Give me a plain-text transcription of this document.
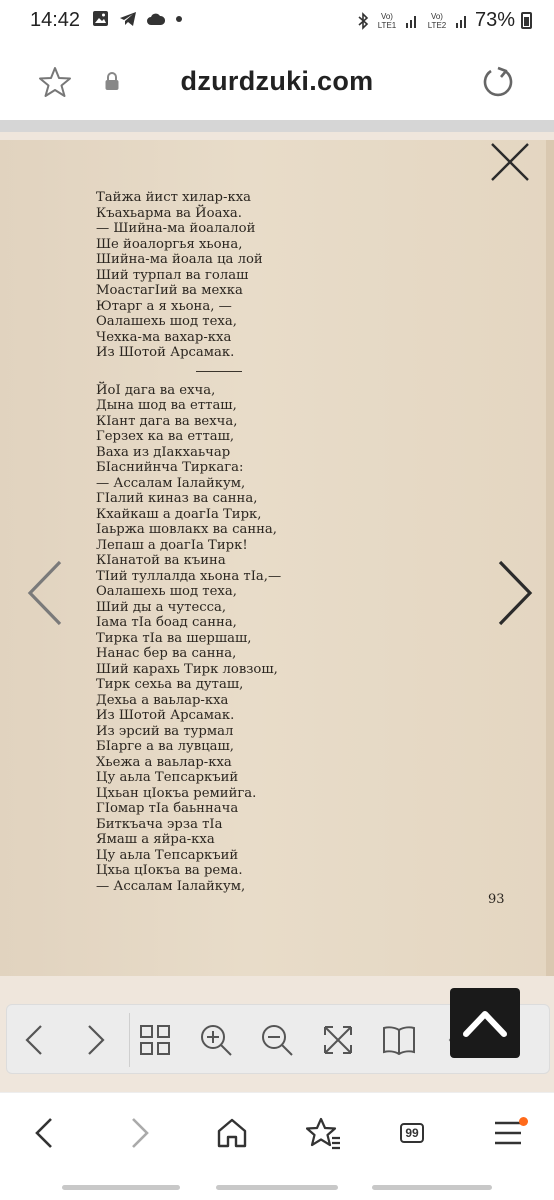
14:42	Vo) LTE1
Vo) LTE2 73%
dzurdzuki.com
Тайжа йист хилар-кха
Къахьарма ва Йоахa.
— Шийна-ма йоалалой
Ше йоалоргья хьона,
Шийна-ма йоала ца лой
Ший турпал ва голаш
МоастагІий ва мехка
Ютарг а я хьона, —
Оалашехь шод теха,
Чехка-ма вахар-кха
Из Шотой Арсамак.
ЙоІ дага ва ехча,
Дына шод ва етташ,
КІант дага ва вехча,
Герзех ка ва етташ,
Ваха из дІакхаьчар
БІаснийнча Тиркага:
— Ассалам Іалайкум,
ГІалий киназ ва санна,
Кхайкаш а доагІа Тирк,
Іаьржа шовлакх ва санна,
Лепаш а доагІа Тирк!
КІанатой ва къина
ТІий туллалда хьона тІа,—
Оалашехь шод теха,
Ший ды а чутесса,
Іама тІа боад санна,
Тирка тІа ва шершаш,
Нанас бер ва санна,
Ший карахь Тирк ловзош,
Тирк сехьа ва дуташ,
Дехьа а ваьлар-кха
Из Шотой Арсамак.
Из эрсий ва турмал
БІарге а ва лувцаш,
Хьежа а ваьлар-кха
Цу аьла Тепсаркъий
Цхьан цІокъа ремийга.
ГІомар тІа баьннача
Биткъача эрза тІа
Ямаш а яйра-кха
Цу аьла Тепсаркъий
Цхьа цІокъа ва рема.
— Ассалам Іалайкум,
93
99
